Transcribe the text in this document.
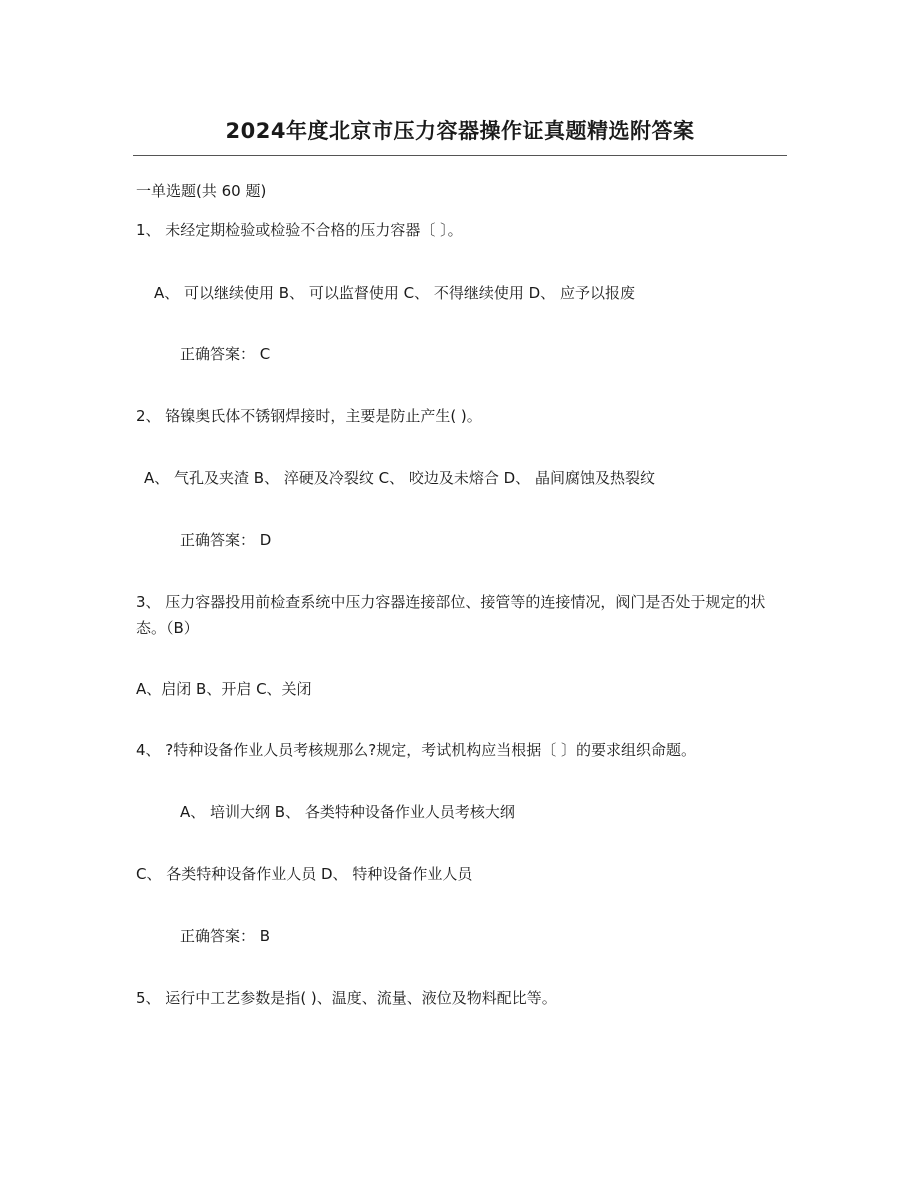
2024年度北京市压力容器操作证真题精选附答案
一单选题(共 60 题)
1、 未经定期检验或检验不合格的压力容器〔 〕。
A、 可以继续使用 B、 可以监督使用 C、 不得继续使用 D、 应予以报废
正确答案： C
2、 铬镍奥氏体不锈钢焊接时，主要是防止产生( )。
A、 气孔及夹渣 B、 淬硬及冷裂纹 C、 咬边及未熔合 D、 晶间腐蚀及热裂纹
正确答案： D
3、 压力容器投用前检查系统中压力容器连接部位、接管等的连接情况，阀门是否处于规定的状态。（B）
A、启闭 B、开启 C、关闭
4、 ?特种设备作业人员考核规那么?规定，考试机构应当根据〔 〕的要求组织命题。
A、 培训大纲 B、 各类特种设备作业人员考核大纲
C、 各类特种设备作业人员 D、 特种设备作业人员
正确答案： B
5、 运行中工艺参数是指( )、温度、流量、液位及物料配比等。
